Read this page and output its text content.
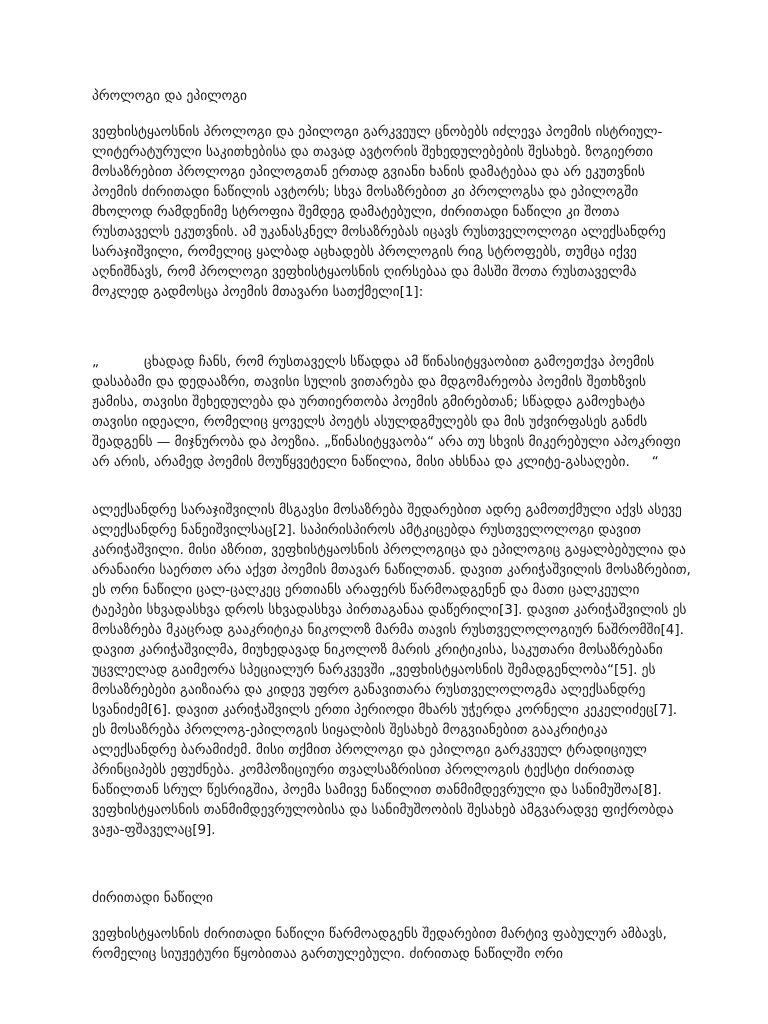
პროლოგი და ეპილოგი

ვეფხისტყაოსნის პროლოგი და ეპილოგი გარკვეულ ცნობებს იძლევა პოემის ისტრიულ-ლიტერატურული საკითხებისა და თავად ავტორის შეხედულებების შესახებ. ზოგიერთი მოსაზრებით პროლოგი ეპილოგთან ერთად გვიანი ხანის დამატებაა და არ ეკუთვნის პოემის ძირითადი ნაწილის ავტორს; სხვა მოსაზრებით კი პროლოგსა და ეპილოგში მხოლოდ რამდენიმე სტროფია შემდეგ დამატებული, ძირითადი ნაწილი კი შოთა რუსთაველს ეკუთვნის. ამ უკანასკნელ მოსაზრებას იცავს რუსთველოლოგი ალექსანდრე სარაჯიშვილი, რომელიც ყალბად აცხადებს პროლოგის რიგ სტროფებს, თუმცა იქვე აღნიშნავს, რომ პროლოგი ვეფხისტყაოსნის ღირსებაა და მასში შოთა რუსთაველმა მოკლედ გადმოსცა პოემის მთავარი სათქმელი[1]:

„	ცხადად ჩანს, რომ რუსთაველს სწადდა ამ წინასიტყვაობით გამოეთქვა პოემის დასაბამი და დედააზრი, თავისი სულის ვითარება და მდგომარეობა პოემის შეთხზვის ჟამისა, თავისი შეხედულება და ურთიერთობა პოემის გმირებთან; სწადდა გამოეხატა თავისი იდეალი, რომელიც ყოველს პოეტს ასულდგმულებს და მის უძვირფასეს განძს შეადგენს — მიჯნურობა და პოეზია. „წინასიტყვაობა“ არა თუ სხვის მიკერებული აპოკრიფი არ არის, არამედ პოემის მოუწყვეტელი ნაწილია, მისი ახსნაა და კლიტე-გასაღები. “

ალექსანდრე სარაჯიშვილის მსგავსი მოსაზრება შედარებით ადრე გამოთქმული აქვს ასევე ალექსანდრე ნანეიშვილსაც[2]. საპირისპიროს ამტკიცებდა რუსთველოლოგი დავით კარიჭაშვილი. მისი აზრით, ვეფხისტყაოსნის პროლოგიცა და ეპილოგიც გაყალბებულია და არანაირი საერთო არა აქვთ პოემის მთავარ ნაწილთან. დავით კარიჭაშვილის მოსაზრებით, ეს ორი ნაწილი ცალ-ცალკეც ერთიანს არაფერს წარმოადგენენ და მათი ცალკეული ტაეპები სხვადასხვა დროს სხვადასხვა პირთაგანაა დაწერილი[3]. დავით კარიჭაშვილის ეს მოსაზრება მკაცრად გააკრიტიკა ნიკოლოზ მარმა თავის რუსთველოლოგიურ ნაშრომში[4]. დავით კარიჭაშვილმა, მიუხედავად ნიკოლოზ მარის კრიტიკისა, საკუთარი მოსაზრებანი უცვლელად გაიმეორა სპეციალურ ნარკვევში „ვეფხისტყაოსნის შემადგენლობა“[5]. ეს მოსაზრებები გაიზიარა და კიდევ უფრო განავითარა რუსთველოლოგმა ალექსანდრე სვანიძემ[6]. დავით კარიჭაშვილს ერთი პერიოდი მხარს უჭერდა კორნელი კეკელიძეც[7]. ეს მოსაზრება პროლოგ-ეპილოგის სიყალბის შესახებ მოგვიანებით გააკრიტიკა ალექსანდრე ბარამიძემ. მისი თქმით პროლოგი და ეპილოგი გარკვეულ ტრადიციულ პრინციპებს ეფუძნება. კომპოზიციური თვალსაზრისით პროლოგის ტექსტი ძირითად ნაწილთან სრულ წესრიგშია, პოემა სამივე ნაწილით თანმიმდევრული და სანიმუშოა[8]. ვეფხისტყაოსნის თანმიმდევრულობისა და სანიმუშოობის შესახებ ამგვარადვე ფიქრობდა ვაჟა-ფშაველაც[9].

ძირითადი ნაწილი

ვეფხისტყაოსნის ძირითადი ნაწილი წარმოადგენს შედარებით მარტივ ფაბულურ ამბავს, რომელიც სიუჟეტური წყობითაა გართულებული. ძირითად ნაწილში ორი
